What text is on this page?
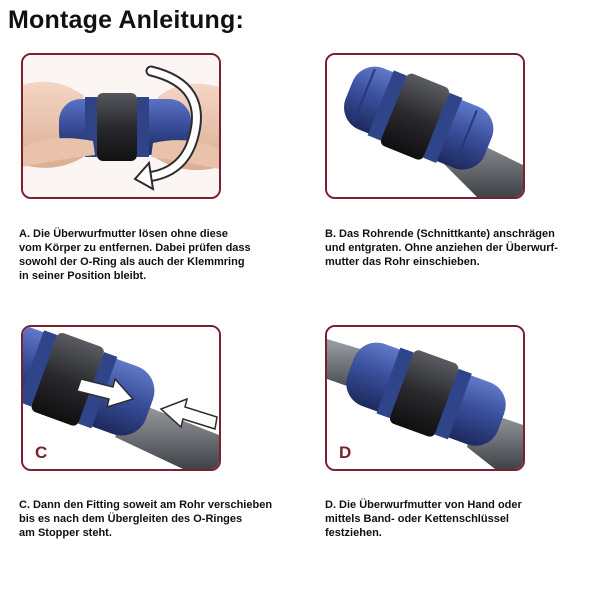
Montage Anleitung:
A. Die Überwurfmutter lösen ohne diese
vom Körper zu entfernen. Dabei prüfen dass
sowohl der O-Ring als auch der Klemmring
in seiner Position bleibt.
B. Das Rohrende (Schnittkante) anschrägen
und entgraten. Ohne anziehen der Überwurf-
mutter das Rohr einschieben.
C	D
C. Dann den Fitting soweit am Rohr verschieben
bis es nach dem Übergleiten des O-Ringes
am Stopper steht.
D. Die Überwurfmutter von Hand oder
mittels Band- oder Kettenschlüssel
festziehen.
